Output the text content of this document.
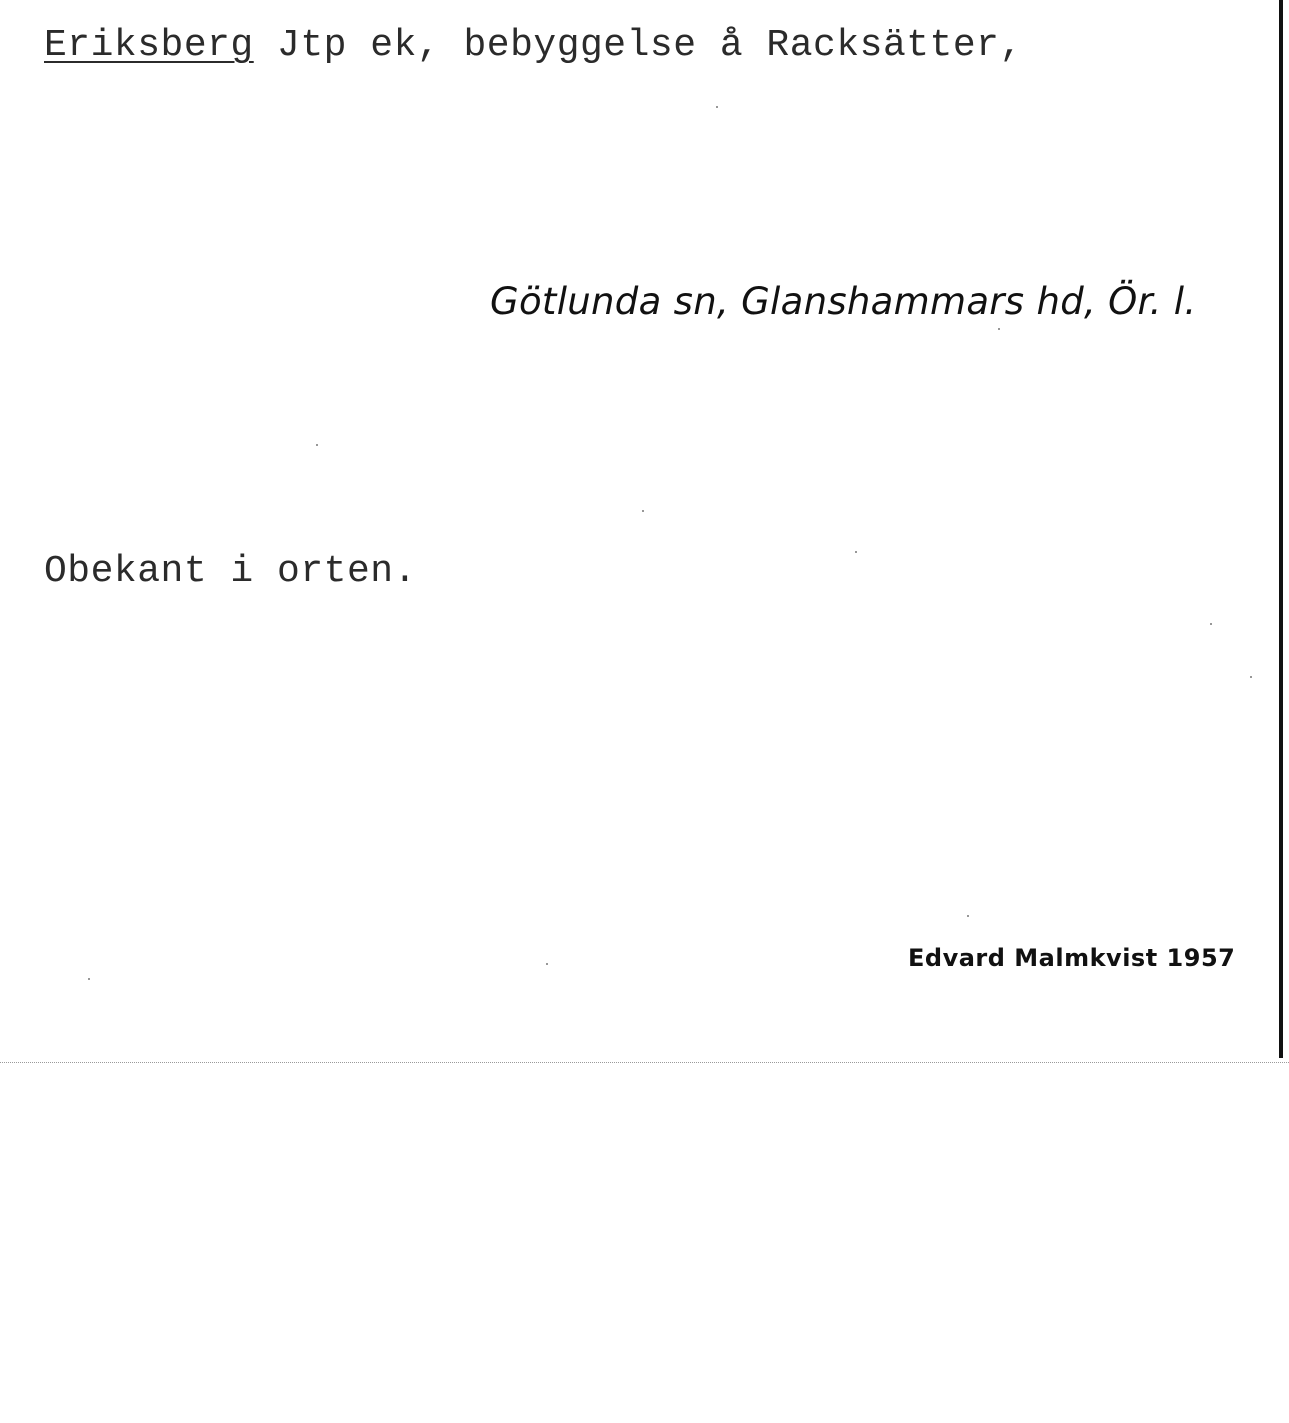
Eriksberg Jtp ek, bebyggelse å Racksätter,
Götlunda sn, Glanshammars hd, Ör. l.
Obekant i orten.
Edvard Malmkvist 1957
